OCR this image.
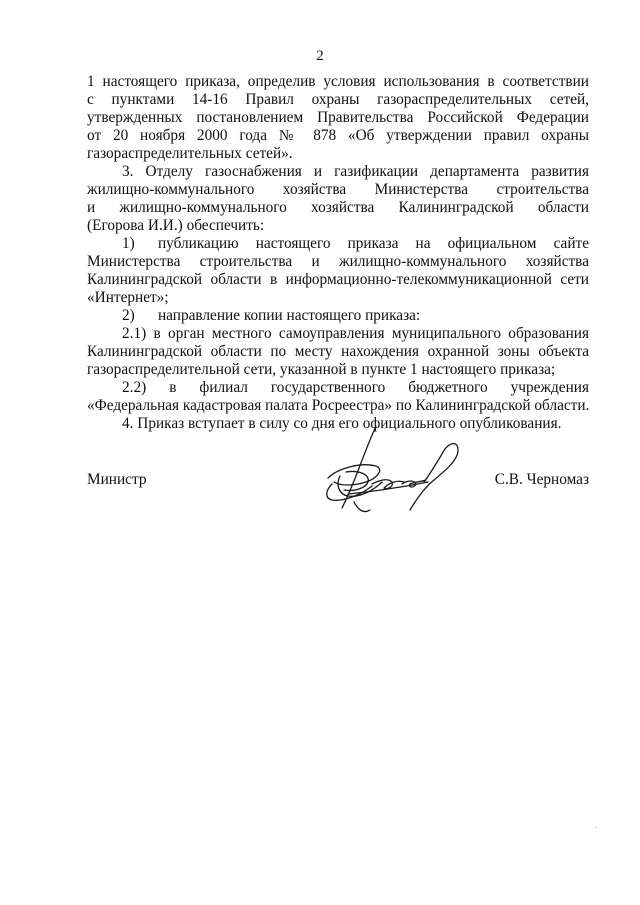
2
1 настоящего приказа, определив условия использования в соответствии
с пунктами 14-16 Правил охраны газораспределительных сетей,
утвержденных постановлением Правительства Российской Федерации
от 20 ноября 2000 года № 878 «Об утверждении правил охраны
газораспределительных сетей».
3. Отделу газоснабжения и газификации департамента развития
жилищно-коммунального хозяйства Министерства строительства
и жилищно-коммунального хозяйства Калининградской области
(Егорова И.И.) обеспечить:
1)	публикацию настоящего приказа на официальном сайте
Министерства строительства и жилищно-коммунального хозяйства
Калининградской области в информационно-телекоммуникационной сети
«Интернет»;
2)	направление копии настоящего приказа:
2.1) в орган местного самоуправления муниципального образования
Калининградской области по месту нахождения охранной зоны объекта
газораспределительной сети, указанной в пункте 1 настоящего приказа;
2.2) в филиал государственного бюджетного учреждения
«Федеральная кадастровая палата Росреестра» по Калининградской области.
4. Приказ вступает в силу со дня его официального опубликования.
Министр	С.В. Черномаз
